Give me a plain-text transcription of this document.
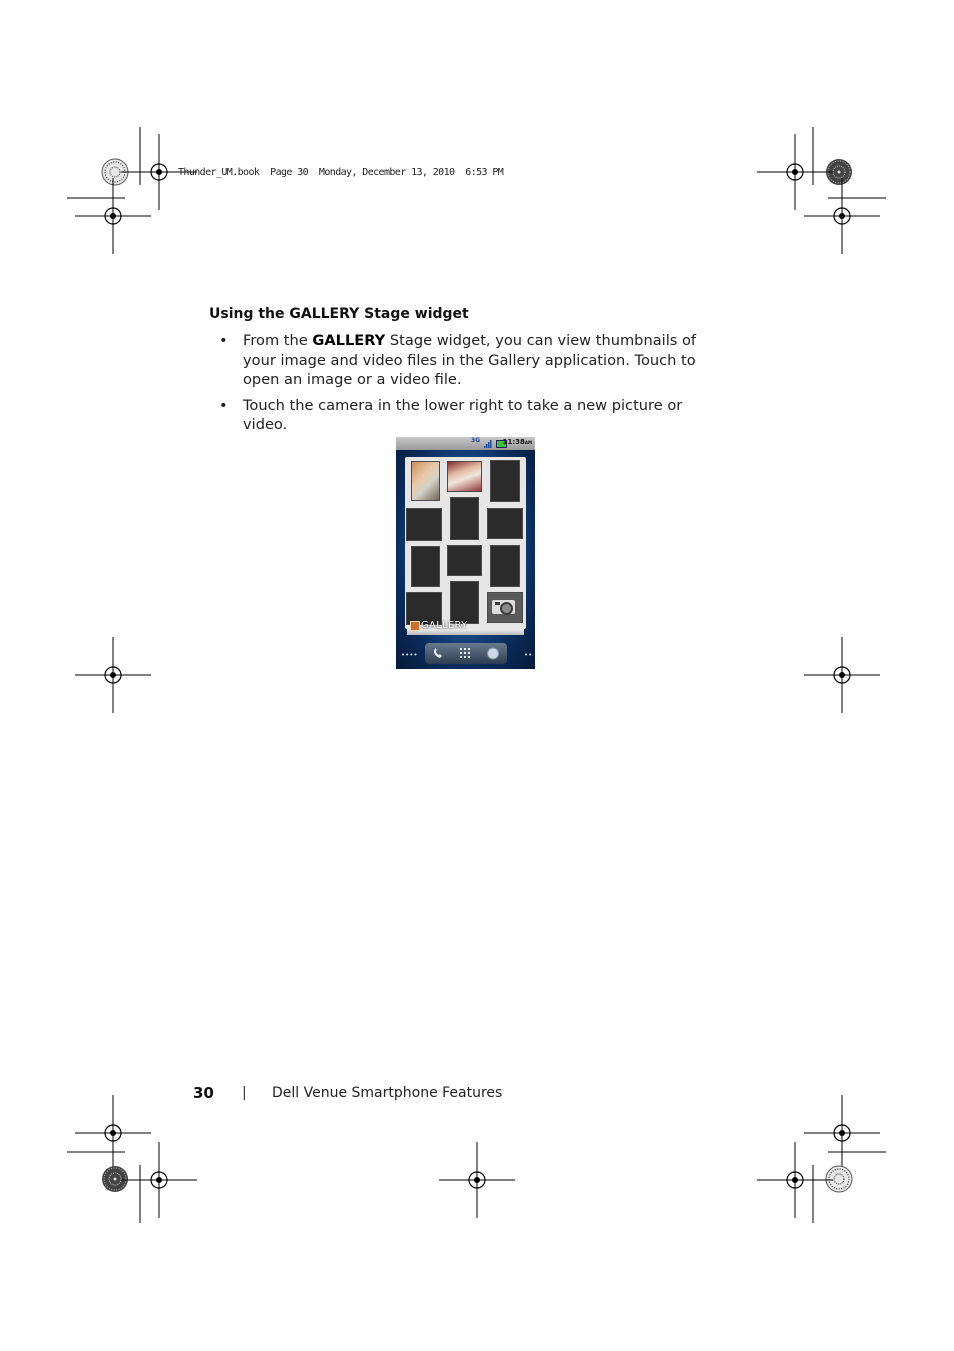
Thunder_UM.book  Page 30  Monday, December 13, 2010  6:53 PM
Using the GALLERY Stage widget
• From the GALLERY Stage widget, you can view thumbnails of your image and video files in the Gallery application. Touch to open an image or a video file.
• Touch the camera in the lower right to take a new picture or video.
3G	11:38AM
GALLERY
••••	••
30 | Dell Venue Smartphone Features
